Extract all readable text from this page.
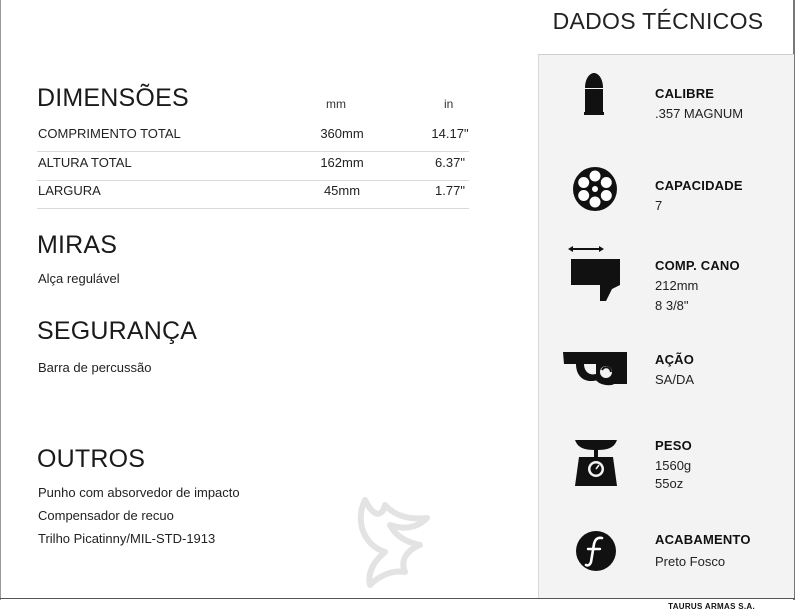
DIMENSÕES	mm	in
COMPRIMENTO TOTAL	360mm	14.17"
ALTURA TOTAL	162mm	6.37"
LARGURA	45mm	1.77"
MIRAS
Alça regulável
SEGURANÇA
Barra de percussão
OUTROS
Punho com absorvedor de impacto
Compensador de recuo
Trilho Picatinny/MIL-STD-1913
DADOS TÉCNICOS
CALIBRE
.357 MAGNUM
CAPACIDADE
7
COMP. CANO
212mm
8 3/8"
AÇÃO
SA/DA
PESO
1560g
55oz
ACABAMENTO
Preto Fosco
TAURUS ARMAS S.A.
